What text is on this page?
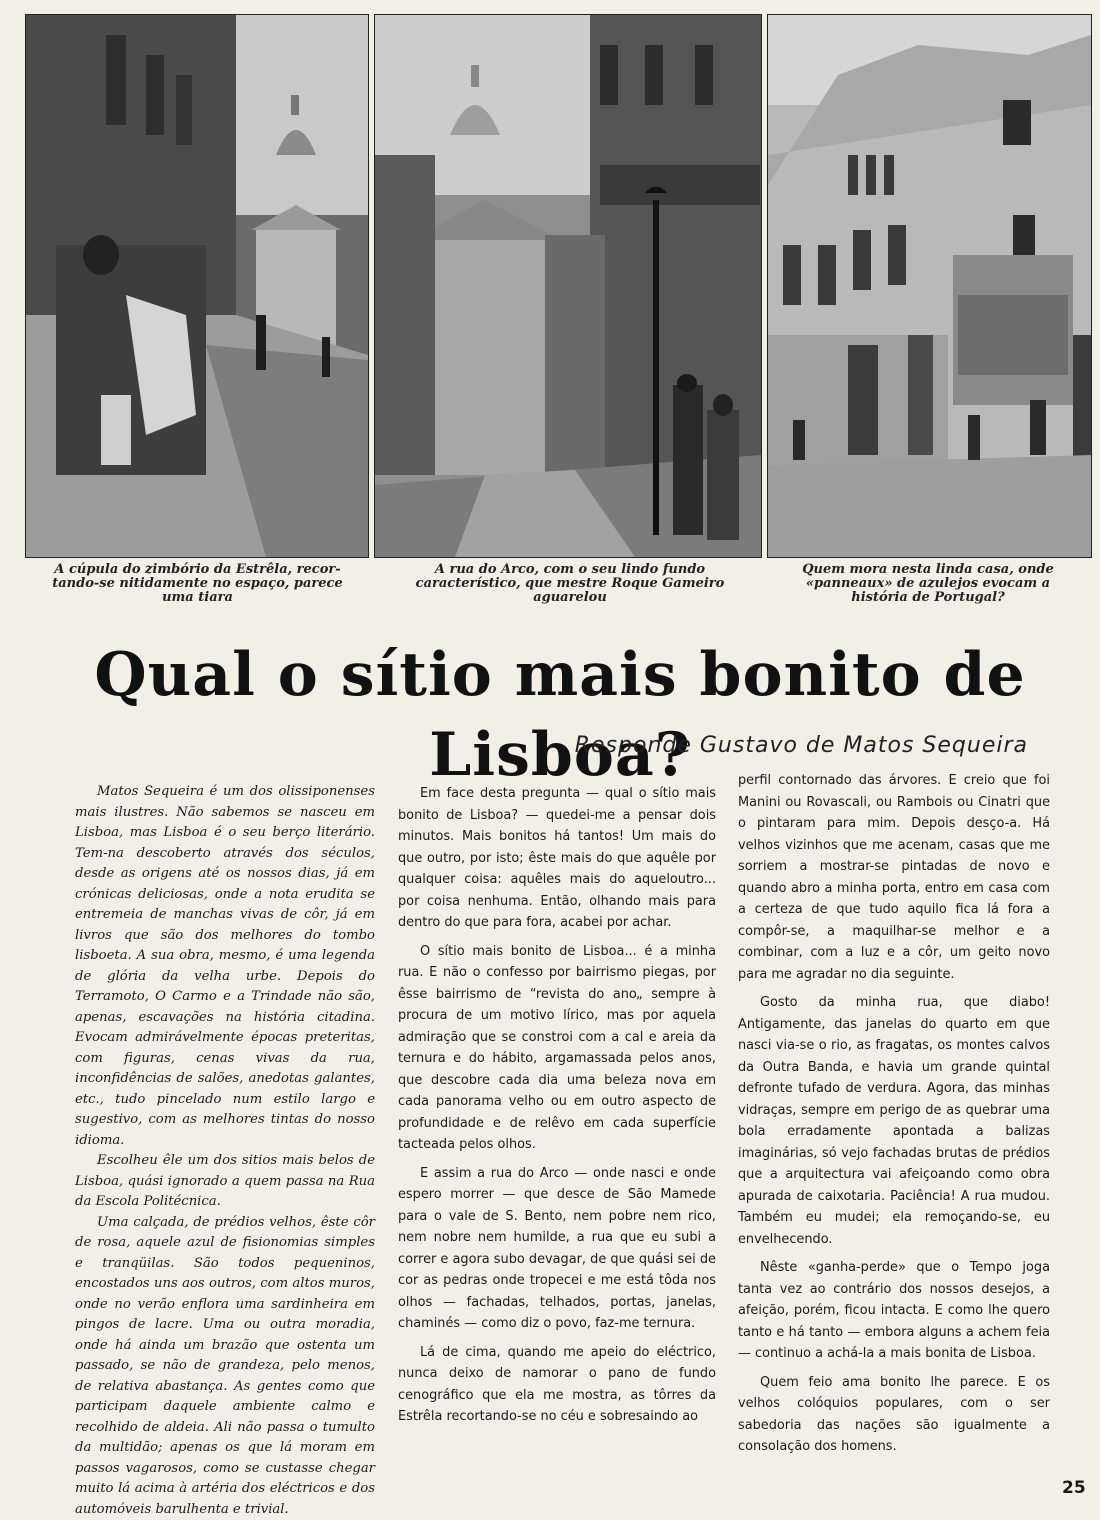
A cúpula do zimbório da Estrêla, recor-tando-se nitidamente no espaço, parece uma tiara
A rua do Arco, com o seu lindo fundo característico, que mestre Roque Gameiro aguarelou
Quem mora nesta linda casa, onde «panneaux» de azulejos evocam a história de Portugal?
Qual o sítio mais bonito de Lisboa?
Responde Gustavo de Matos Sequeira

Matos Sequeira é um dos olissiponenses mais ilustres. Não sabemos se nasceu em Lisboa, mas Lisboa é o seu berço literário. Tem-na descoberto através dos séculos, desde as origens até os nossos dias, já em crónicas deliciosas, onde a nota erudita se entremeia de manchas vivas de côr, já em livros que são dos melhores do tombo lisboeta. A sua obra, mesmo, é uma legenda de glória da velha urbe. Depois do Terramoto, O Carmo e a Trindade não são, apenas, escavações na história citadina. Evocam admirávelmente épocas preteritas, com figuras, cenas vivas da rua, inconfidências de salões, anedotas galantes, etc., tudo pincelado num estilo largo e sugestivo, com as melhores tintas do nosso idioma.

Escolheu êle um dos sitios mais belos de Lisboa, quási ignorado a quem passa na Rua da Escola Politécnica.

Uma calçada, de prédios velhos, êste côr de rosa, aquele azul de fisionomias simples e tranqüilas. São todos pequeninos, encostados uns aos outros, com altos muros, onde no verão enflora uma sardinheira em pingos de lacre. Uma ou outra moradia, onde há ainda um brazão que ostenta um passado, se não de grandeza, pelo menos, de relativa abastança. As gentes como que participam daquele ambiente calmo e recolhido de aldeia. Ali não passa o tumulto da multidão; apenas os que lá moram em passos vagarosos, como se custasse chegar muito lá acima à artéria dos eléctricos e dos automóveis barulhenta e trivial.

Em face desta pregunta — qual o sítio mais bonito de Lisboa? — quedei-me a pensar dois minutos. Mais bonitos há tantos! Um mais do que outro, por isto; êste mais do que aquêle por qualquer coisa: aquêles mais do aqueloutro... por coisa nenhuma. Então, olhando mais para dentro do que para fora, acabei por achar.

O sítio mais bonito de Lisboa... é a minha rua. E não o confesso por bairrismo piegas, por êsse bairrismo de “revista do ano„ sempre à procura de um motivo lírico, mas por aquela admiração que se constroi com a cal e areia da ternura e do hábito, argamassada pelos anos, que descobre cada dia uma beleza nova em cada panorama velho ou em outro aspecto de profundidade e de relêvo em cada superfície tacteada pelos olhos.

E assim a rua do Arco — onde nasci e onde espero morrer — que desce de São Mamede para o vale de S. Bento, nem pobre nem rico, nem nobre nem humilde, a rua que eu subi a correr e agora subo devagar, de que quási sei de cor as pedras onde tropecei e me está tôda nos olhos — fachadas, telhados, portas, janelas, chaminés — como diz o povo, faz-me ternura.

Lá de cima, quando me apeio do eléctrico, nunca deixo de namorar o pano de fundo cenográfico que ela me mostra, as tôrres da Estrêla recortando-se no céu e sobresaindo ao

perfil contornado das árvores. E creio que foi Manini ou Rovascali, ou Rambois ou Cinatri que o pintaram para mim. Depois desço-a. Há velhos vizinhos que me acenam, casas que me sorriem a mostrar-se pintadas de novo e quando abro a minha porta, entro em casa com a certeza de que tudo aquilo fica lá fora a compôr-se, a maquilhar-se melhor e a combinar, com a luz e a côr, um geito novo para me agradar no dia seguinte.

Gosto da minha rua, que diabo! Antigamente, das janelas do quarto em que nasci via-se o rio, as fragatas, os montes calvos da Outra Banda, e havia um grande quintal defronte tufado de verdura. Agora, das minhas vidraças, sempre em perigo de as quebrar uma bola erradamente apontada a balizas imaginárias, só vejo fachadas brutas de prédios que a arquitectura vai afeiçoando como obra apurada de caixotaria. Paciência! A rua mudou. Também eu mudei; ela remoçando-se, eu envelhecendo.

Nêste «ganha-perde» que o Tempo joga tanta vez ao contrário dos nossos desejos, a afeição, porém, ficou intacta. E como lhe quero tanto e há tanto — embora alguns a achem feia — continuo a achá-la a mais bonita de Lisboa.

Quem feio ama bonito lhe parece. E os velhos colóquios populares, com o ser sabedoria das nações são igualmente a consolação dos homens.

25
